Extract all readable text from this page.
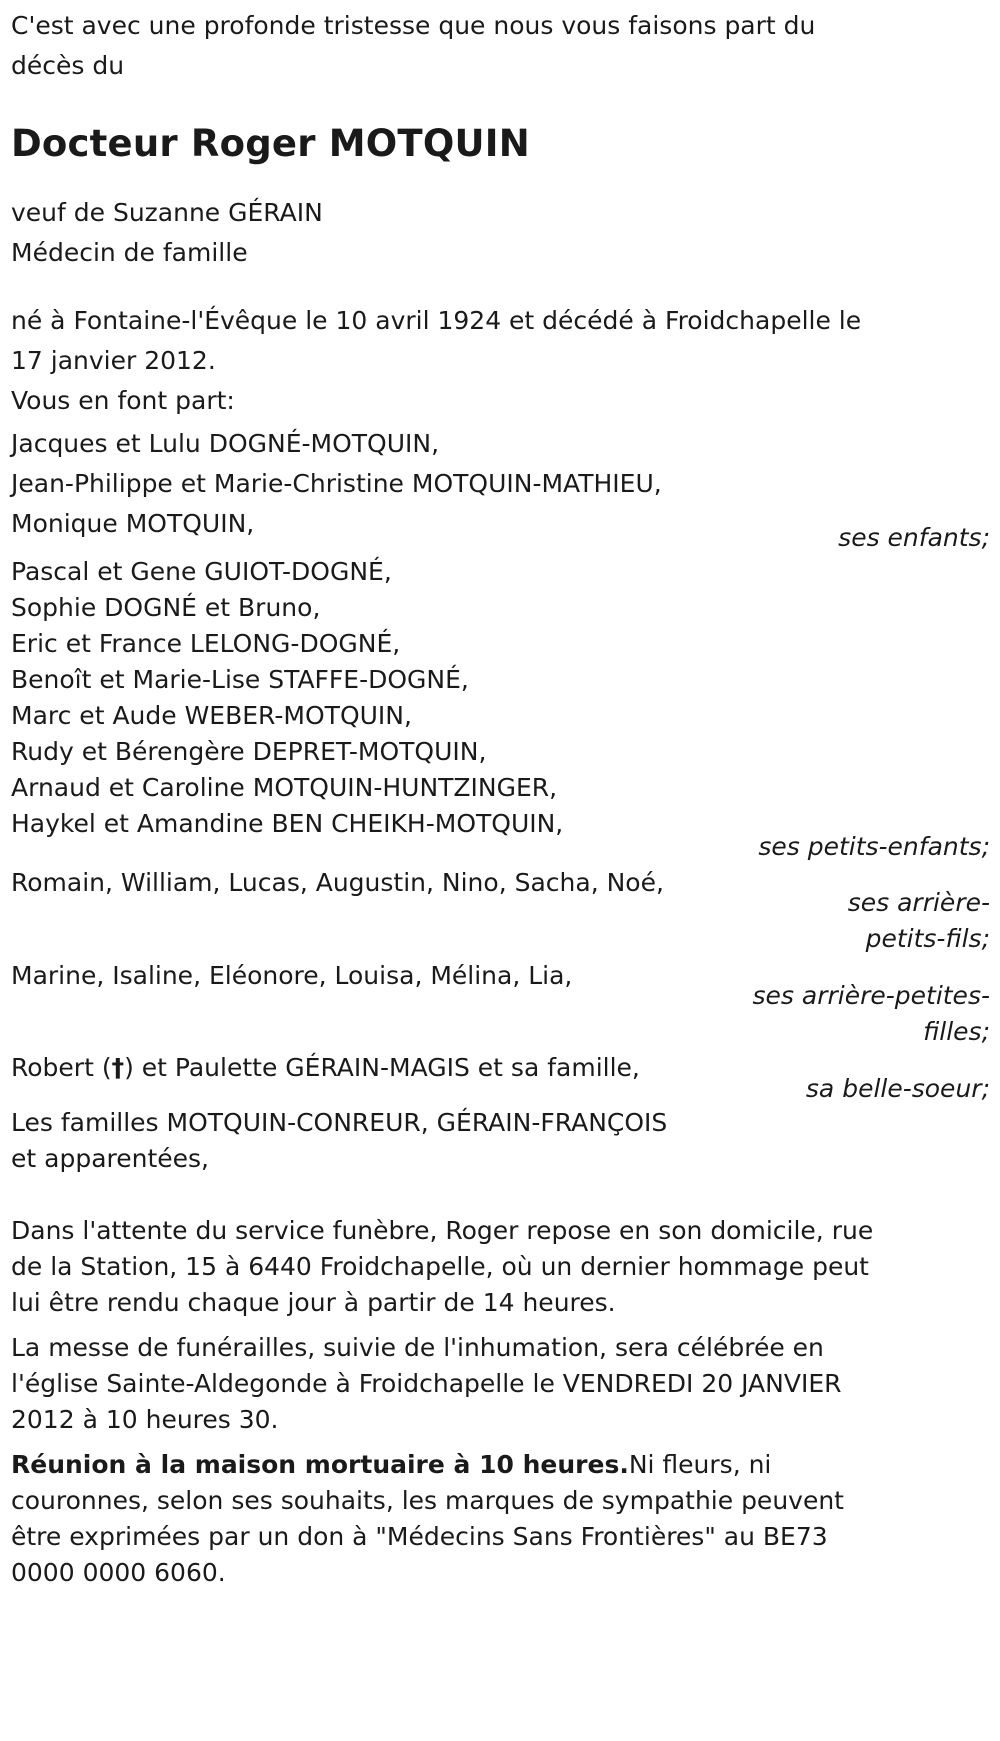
C'est avec une profonde tristesse que nous vous faisons part du décès du
Docteur Roger MOTQUIN
veuf de Suzanne GÉRAIN
Médecin de famille
né à Fontaine-l'Évêque le 10 avril 1924 et décédé à Froidchapelle le 17 janvier 2012.
Vous en font part:
Jacques et Lulu DOGNÉ-MOTQUIN,
Jean-Philippe et Marie-Christine MOTQUIN-MATHIEU,
Monique MOTQUIN,	ses enfants;
Pascal et Gene GUIOT-DOGNÉ,
Sophie DOGNÉ et Bruno,
Eric et France LELONG-DOGNÉ,
Benoît et Marie-Lise STAFFE-DOGNÉ,
Marc et Aude WEBER-MOTQUIN,
Rudy et Bérengère DEPRET-MOTQUIN,
Arnaud et Caroline MOTQUIN-HUNTZINGER,
Haykel et Amandine BEN CHEIKH-MOTQUIN,
ses petits-enfants;
Romain, William, Lucas, Augustin, Nino, Sacha, Noé,
ses arrière-
petits-fils;
Marine, Isaline, Eléonore, Louisa, Mélina, Lia,
ses arrière-petites-
filles;
Robert (†) et Paulette GÉRAIN-MAGIS et sa famille,
sa belle-soeur;
Les familles MOTQUIN-CONREUR, GÉRAIN-FRANÇOIS
et apparentées,
Dans l'attente du service funèbre, Roger repose en son domicile, rue de la Station, 15 à 6440 Froidchapelle, où un dernier hommage peut lui être rendu chaque jour à partir de 14 heures.
La messe de funérailles, suivie de l'inhumation, sera célébrée en l'église Sainte-Aldegonde à Froidchapelle le VENDREDI 20 JANVIER 2012 à 10 heures 30.
Réunion à la maison mortuaire à 10 heures.Ni fleurs, ni couronnes, selon ses souhaits, les marques de sympathie peuvent être exprimées par un don à "Médecins Sans Frontières" au BE73 0000 0000 6060.
